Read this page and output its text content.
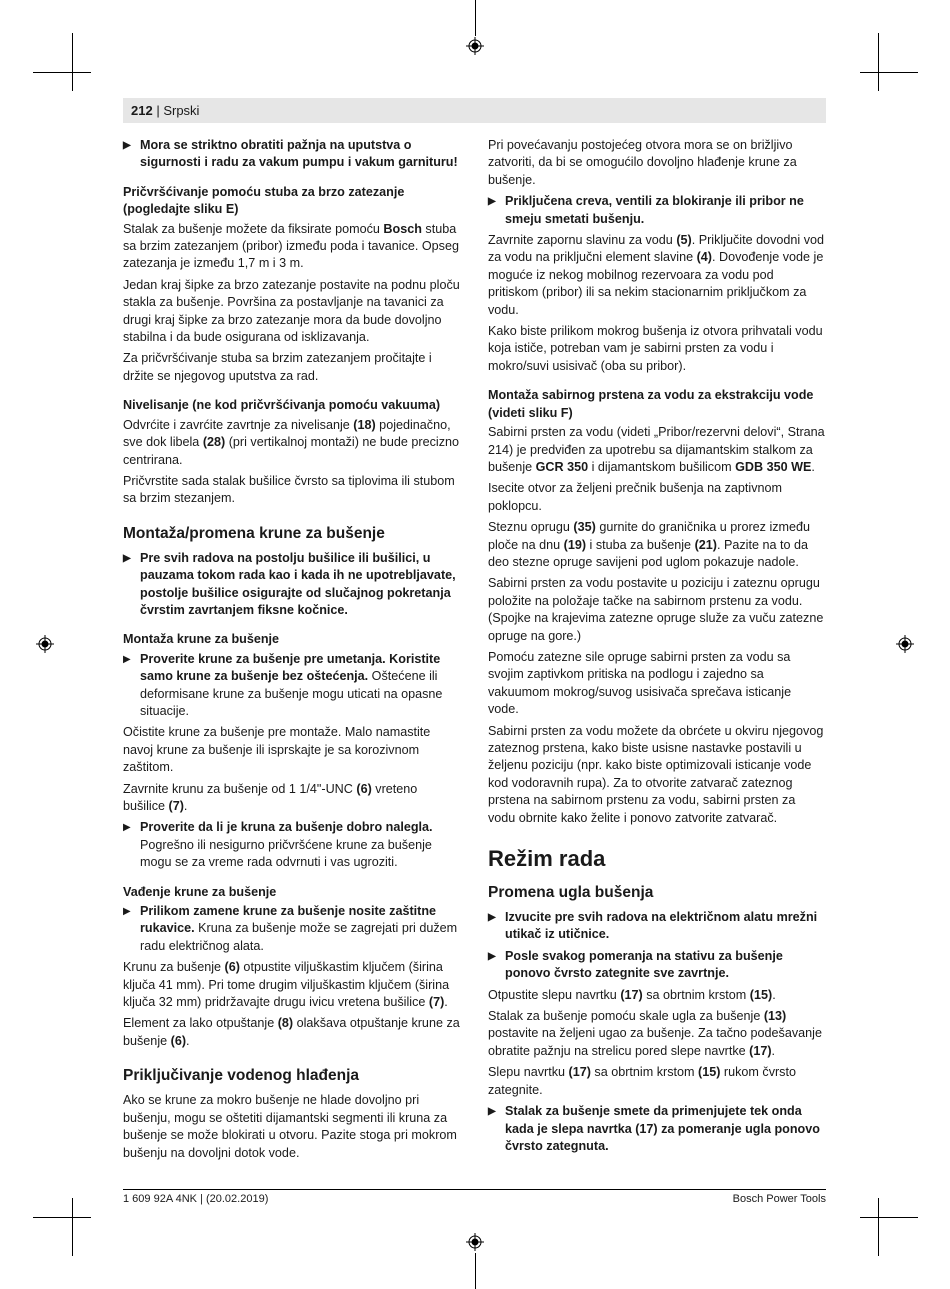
212 | Srpski
▶ Mora se striktno obratiti pažnja na uputstva o sigurnosti i radu za vakum pumpu i vakum garnituru!
Pričvršćivanje pomoću stuba za brzo zatezanje (pogledajte sliku E)

Stalak za bušenje možete da fiksirate pomoću Bosch stuba sa brzim zatezanjem (pribor) između poda i tavanice. Opseg zatezanja je između 1,7 m i 3 m.

Jedan kraj šipke za brzo zatezanje postavite na podnu ploču stakla za bušenje. Površina za postavljanje na tavanici za drugi kraj šipke za brzo zatezanje mora da bude dovoljno stabilna i da bude osigurana od isklizavanja.

Za pričvršćivanje stuba sa brzim zatezanjem pročitajte i držite se njegovog uputstva za rad.

Nivelisanje (ne kod pričvršćivanja pomoću vakuuma)

Odvrćite i zavrćite zavrtnje za nivelisanje (18) pojedinačno, sve dok libela (28) (pri vertikalnoj montaži) ne bude precizno centrirana.

Pričvrstite sada stalak bušilice čvrsto sa tiplovima ili stubom sa brzim stezanjem.

Montaža/promena krune za bušenje
▶ Pre svih radova na postolju bušilice ili bušilici, u pauzama tokom rada kao i kada ih ne upotrebljavate, postolje bušilice osigurajte od slučajnog pokretanja čvrstim zavrtanjem fiksne kočnice.
Montaža krune za bušenje
▶ Proverite krune za bušenje pre umetanja. Koristite samo krune za bušenje bez oštećenja. Oštećene ili deformisane krune za bušenje mogu uticati na opasne situacije.

Očistite krune za bušenje pre montaže. Malo namastite navoj krune za bušenje ili isprskajte je sa korozivnom zaštitom.

Zavrnite krunu za bušenje od 1 1/4"-UNC (6) vreteno bušilice (7).

▶ Proverite da li je kruna za bušenje dobro nalegla. Pogrešno ili nesigurno pričvršćene krune za bušenje mogu se za vreme rada odvrnuti i vas ugroziti.
Vađenje krune za bušenje
▶ Prilikom zamene krune za bušenje nosite zaštitne rukavice. Kruna za bušenje može se zagrejati pri dužem radu električnog alata.

Krunu za bušenje (6) otpustite viljuškastim ključem (širina ključa 41 mm). Pri tome drugim viljuškastim ključem (širina ključa 32 mm) pridržavajte drugu ivicu vretena bušilice (7).

Element za lako otpuštanje (8) olakšava otpuštanje krune za bušenje (6).

Priključivanje vodenog hlađenja

Ako se krune za mokro bušenje ne hlade dovoljno pri bušenju, mogu se oštetiti dijamantski segmenti ili kruna za bušenje se može blokirati u otvoru. Pazite stoga pri mokrom bušenju na dovoljni dotok vode.

Pri povećavanju postojećeg otvora mora se on brižljivo zatvoriti, da bi se omogućilo dovoljno hlađenje krune za bušenje.

▶ Priključena creva, ventili za blokiranje ili pribor ne smeju smetati bušenju.

Zavrnite zapornu slavinu za vodu (5). Priključite dovodni vod za vodu na priključni element slavine (4). Dovođenje vode je moguće iz nekog mobilnog rezervoara za vodu pod pritiskom (pribor) ili sa nekim stacionarnim priključkom za vodu.

Kako biste prilikom mokrog bušenja iz otvora prihvatali vodu koja ističe, potreban vam je sabirni prsten za vodu i mokro/suvi usisivač (oba su pribor).

Montaža sabirnog prstena za vodu za ekstrakciju vode (videti sliku F)

Sabirni prsten za vodu (videti „Pribor/rezervni delovi“, Strana 214) je predviđen za upotrebu sa dijamantskim stalkom za bušenje GCR 350 i dijamantskom bušilicom GDB 350 WE.

Isecite otvor za željeni prečnik bušenja na zaptivnom poklopcu.

Steznu oprugu (35) gurnite do graničnika u prorez između ploče na dnu (19) i stuba za bušenje (21). Pazite na to da deo stezne opruge savijeni pod uglom pokazuje nadole.

Sabirni prsten za vodu postavite u poziciju i zateznu oprugu položite na položaje tačke na sabirnom prstenu za vodu. (Spojke na krajevima zatezne opruge služe za vuču zatezne opruge na gore.)

Pomoću zatezne sile opruge sabirni prsten za vodu sa svojim zaptivkom pritiska na podlogu i zajedno sa vakuumom mokrog/suvog usisivača sprečava isticanje vode.

Sabirni prsten za vodu možete da obrćete u okviru njegovog zateznog prstena, kako biste usisne nastavke postavili u željenu poziciju (npr. kako biste optimizovali isticanje vode kod vodoravnih rupa). Za to otvorite zatvarač zateznog prstena na sabirnom prstenu za vodu, sabirni prsten za vodu obrnite kako želite i ponovo zatvorite zatvarač.

Režim rada
Promena ugla bušenja
▶ Izvucite pre svih radova na električnom alatu mrežni utikač iz utičnice.
▶ Posle svakog pomeranja na stativu za bušenje ponovo čvrsto zategnite sve zavrtnje.

Otpustite slepu navrtku (17) sa obrtnim krstom (15).

Stalak za bušenje pomoću skale ugla za bušenje (13) postavite na željeni ugao za bušenje. Za tačno podešavanje obratite pažnju na strelicu pored slepe navrtke (17).

Slepu navrtku (17) sa obrtnim krstom (15) rukom čvrsto zategnite.

▶ Stalak za bušenje smete da primenjujete tek onda kada je slepa navrtka (17) za pomeranje ugla ponovo čvrsto zategnuta.
1 609 92A 4NK | (20.02.2019)	Bosch Power Tools
